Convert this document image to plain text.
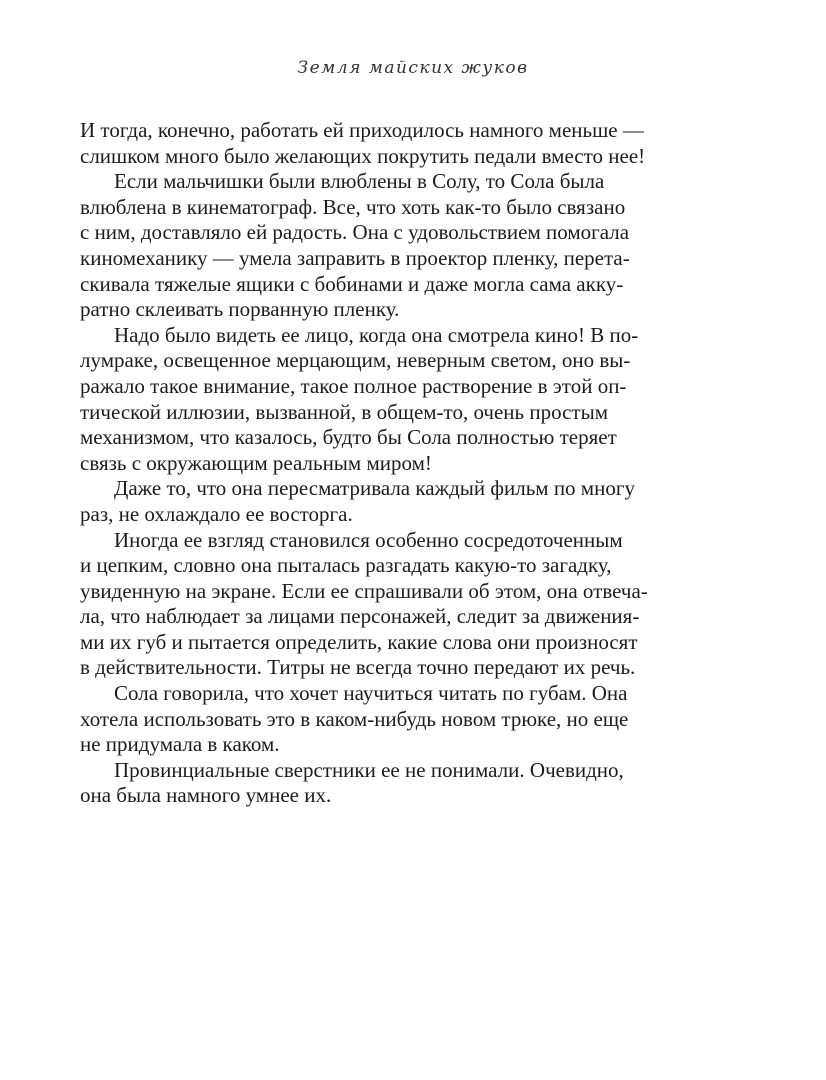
Земля майских жуков
И тогда, конечно, работать ей приходилось намного меньше —
слишком много было желающих покрутить педали вместо нее!
Если мальчишки были влюблены в Солу, то Сола была
влюблена в кинематограф. Все, что хоть как-то было связано
с ним, доставляло ей радость. Она с удовольствием помогала
киномеханику — умела заправить в проектор пленку, перета-
скивала тяжелые ящики с бобинами и даже могла сама акку-
ратно склеивать порванную пленку.
Надо было видеть ее лицо, когда она смотрела кино! В по-
лумраке, освещенное мерцающим, неверным светом, оно вы-
ражало такое внимание, такое полное растворение в этой оп-
тической иллюзии, вызванной, в общем-то, очень простым
механизмом, что казалось, будто бы Сола полностью теряет
связь с окружающим реальным миром!
Даже то, что она пересматривала каждый фильм по многу
раз, не охлаждало ее восторга.
Иногда ее взгляд становился особенно сосредоточенным
и цепким, словно она пыталась разгадать какую-то загадку,
увиденную на экране. Если ее спрашивали об этом, она отвеча-
ла, что наблюдает за лицами персонажей, следит за движения-
ми их губ и пытается определить, какие слова они произносят
в действительности. Титры не всегда точно передают их речь.
Сола говорила, что хочет научиться читать по губам. Она
хотела использовать это в каком-нибудь новом трюке, но еще
не придумала в каком.
Провинциальные сверстники ее не понимали. Очевидно,
она была намного умнее их.
